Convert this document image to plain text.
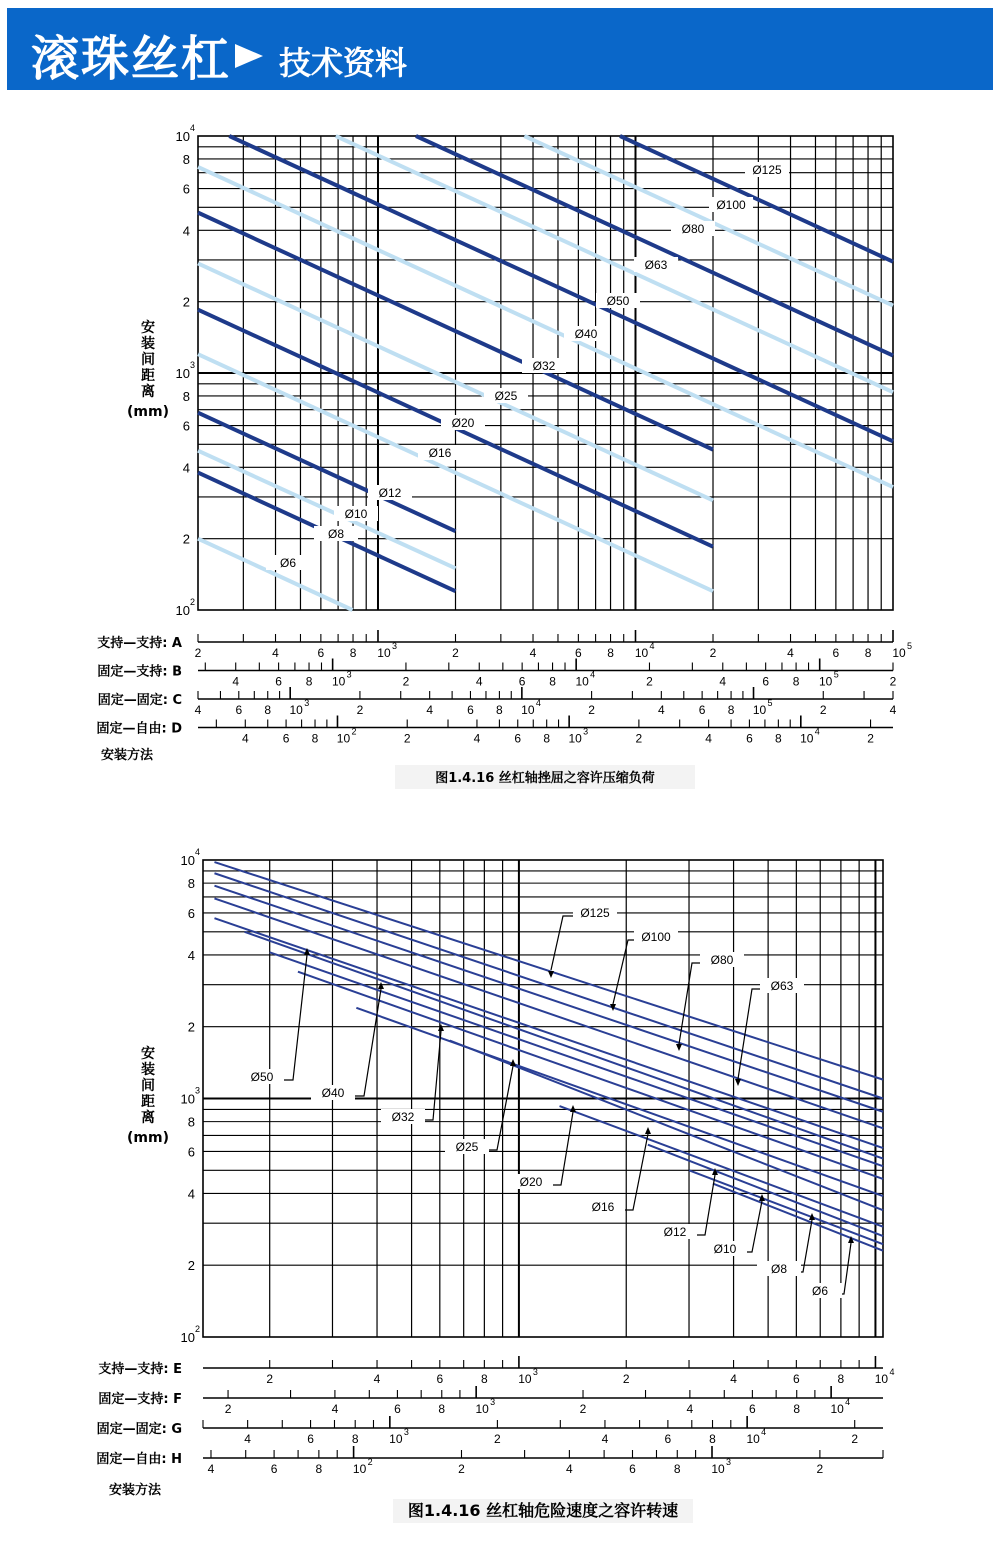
滚珠丝杠 技术资料
10
2
2
4
6
8
10
3
2
4
6
8
10
4
安装间距离(mm)
Ø6
Ø8
Ø10
Ø12
Ø16
Ø20
Ø25
Ø32
Ø40
Ø50
Ø63
Ø80
Ø100
Ø125
支持—支持: A
2	4	6 8 10 3	2	4	6 8 10 4	2	4	6 8 10 5
固定—支持: B
4	6 8 10 3	2	4	6 8 10 4	2	4	6 8 10 5	2
固定—固定: C
4	6 8 10 3	2	4	6 8 10 4	2	4	6 8 10 5	2	4
固定—自由: D
4	6 8 10 2	2	4	6 8 10 3	2	4	6 8 10 4	2
安装方法
图1.4.16 丝杠轴挫屈之容许压缩负荷
10
2
2
4
6
8
10
3
2
4
6
8
10
4
安装间距离(mm)
Ø125
Ø100
Ø80
Ø63
Ø50
Ø40
Ø32
Ø25
Ø20
Ø16
Ø12
Ø10
Ø8
Ø6
支持—支持: E
2	4	6	8	10 3	2	4	6	8	10 4
固定—支持: F
2	4	6	8	10 3	2	4	6	8	10 4
固定—固定: G
4	6	8	10 3	2	4	6	8	10 4	2
固定—自由: H
4	6	8	10 2	2	4	6	8	10 3	2
安装方法
图1.4.16 丝杠轴危险速度之容许转速
